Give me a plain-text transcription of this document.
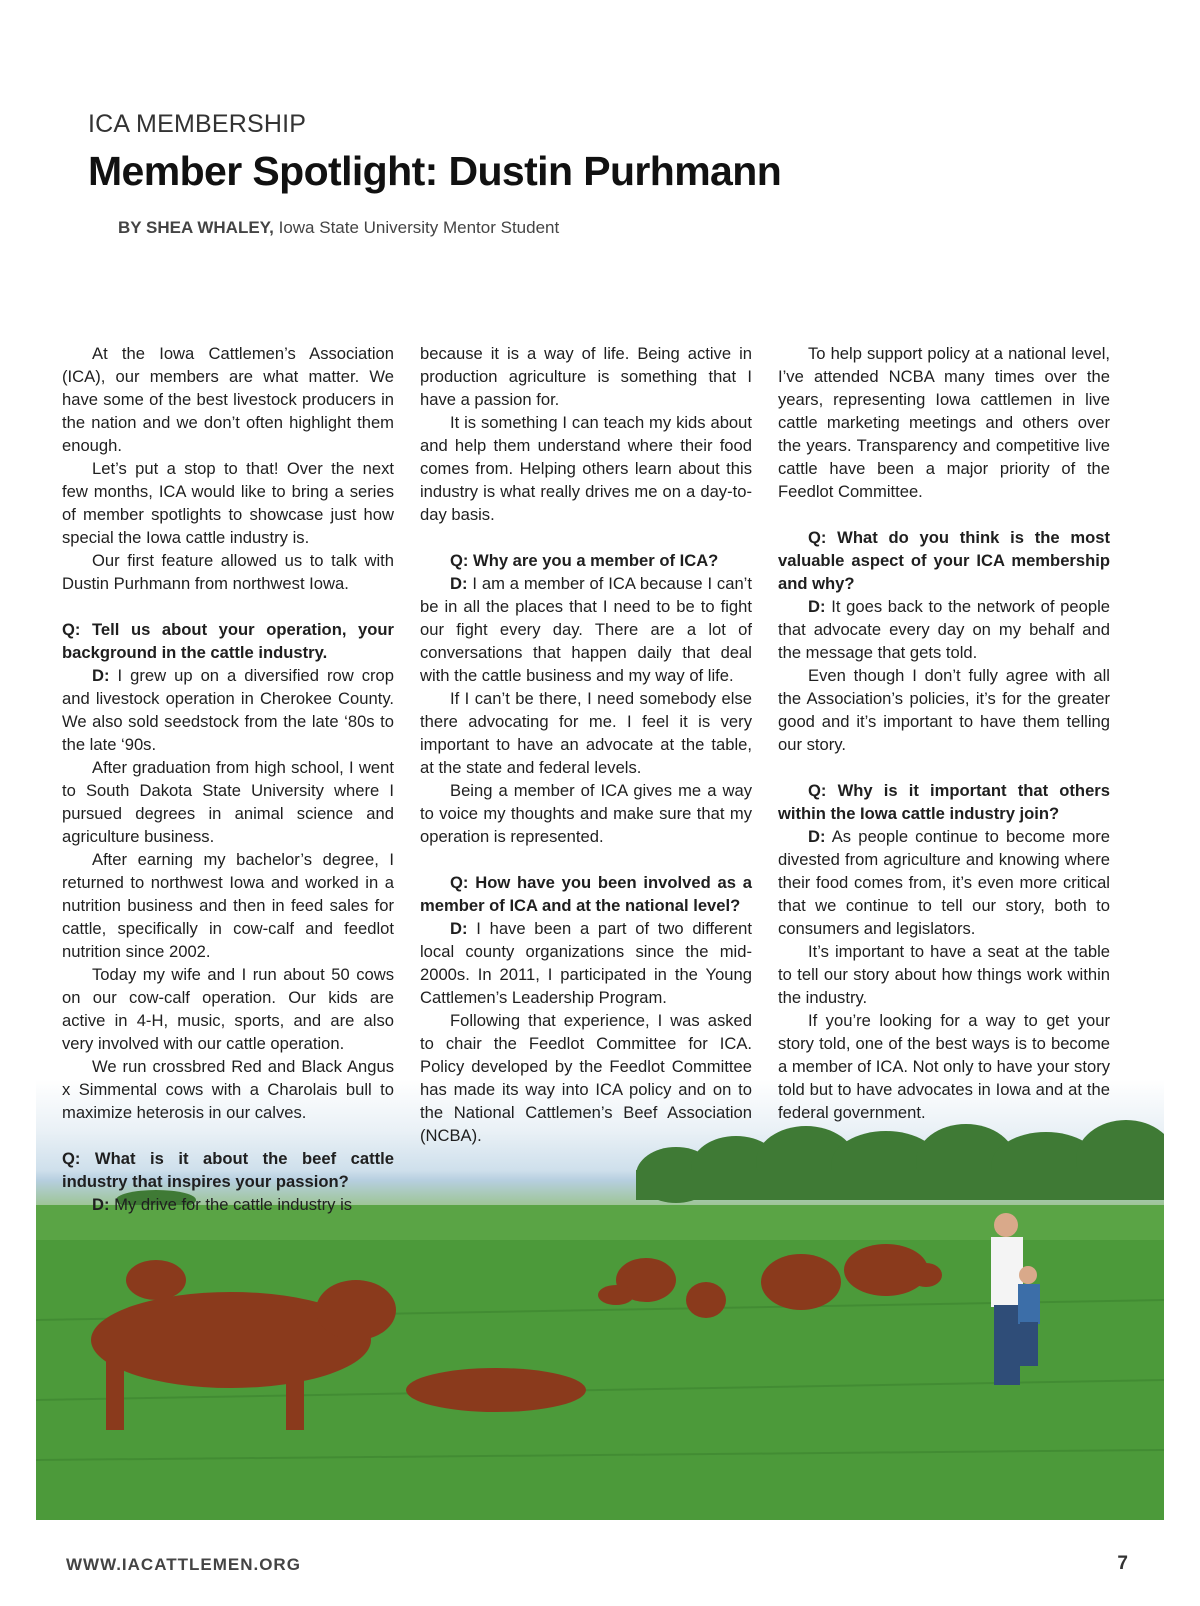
ICA MEMBERSHIP
Member Spotlight: Dustin Purhmann
BY SHEA WHALEY, Iowa State University Mentor Student

At the Iowa Cattlemen’s Association (ICA), our members are what matter. We have some of the best livestock producers in the nation and we don’t often highlight them enough.

Let’s put a stop to that! Over the next few months, ICA would like to bring a series of member spotlights to showcase just how special the Iowa cattle industry is.

Our first feature allowed us to talk with Dustin Purhmann from northwest Iowa.

Q: Tell us about your operation, your background in the cattle industry.

D: I grew up on a diversified row crop and livestock operation in Cherokee County. We also sold seedstock from the late ‘80s to the late ‘90s.

After graduation from high school, I went to South Dakota State University where I pursued degrees in animal science and agriculture business.

After earning my bachelor’s degree, I returned to northwest Iowa and worked in a nutrition business and then in feed sales for cattle, specifically in cow-calf and feedlot nutrition since 2002.

Today my wife and I run about 50 cows on our cow-calf operation. Our kids are active in 4-H, music, sports, and are also very involved with our cattle operation.

We run crossbred Red and Black Angus x Simmental cows with a Charolais bull to maximize heterosis in our calves.

Q: What is it about the beef cattle industry that inspires your passion?

D: My drive for the cattle industry is

because it is a way of life. Being active in production agriculture is something that I have a passion for.

It is something I can teach my kids about and help them understand where their food comes from. Helping others learn about this industry is what really drives me on a day-to-day basis.

Q: Why are you a member of ICA?

D: I am a member of ICA because I can’t be in all the places that I need to be to fight our fight every day. There are a lot of conversations that happen daily that deal with the cattle business and my way of life.

If I can’t be there, I need somebody else there advocating for me. I feel it is very important to have an advocate at the table, at the state and federal levels.

Being a member of ICA gives me a way to voice my thoughts and make sure that my operation is represented.

Q: How have you been involved as a member of ICA and at the national level?

D: I have been a part of two different local county organizations since the mid-2000s. In 2011, I participated in the Young Cattlemen’s Leadership Program.

Following that experience, I was asked to chair the Feedlot Committee for ICA. Policy developed by the Feedlot Committee has made its way into ICA policy and on to the National Cattlemen’s Beef Association (NCBA).

To help support policy at a national level, I’ve attended NCBA many times over the years, representing Iowa cattlemen in live cattle marketing meetings and others over the years. Transparency and competitive live cattle have been a major priority of the Feedlot Committee.

Q: What do you think is the most valuable aspect of your ICA membership and why?

D: It goes back to the network of people that advocate every day on my behalf and the message that gets told.

Even though I don’t fully agree with all the Association’s policies, it’s for the greater good and it’s important to have them telling our story.

Q: Why is it important that others within the Iowa cattle industry join?

D: As people continue to become more divested from agriculture and knowing where their food comes from, it’s even more critical that we continue to tell our story, both to consumers and legislators.

It’s important to have a seat at the table to tell our story about how things work within the industry.

If you’re looking for a way to get your story told, one of the best ways is to become a member of ICA. Not only to have your story told but to have advocates in Iowa and at the federal government.

WWW.IACATTLEMEN.ORG	7
